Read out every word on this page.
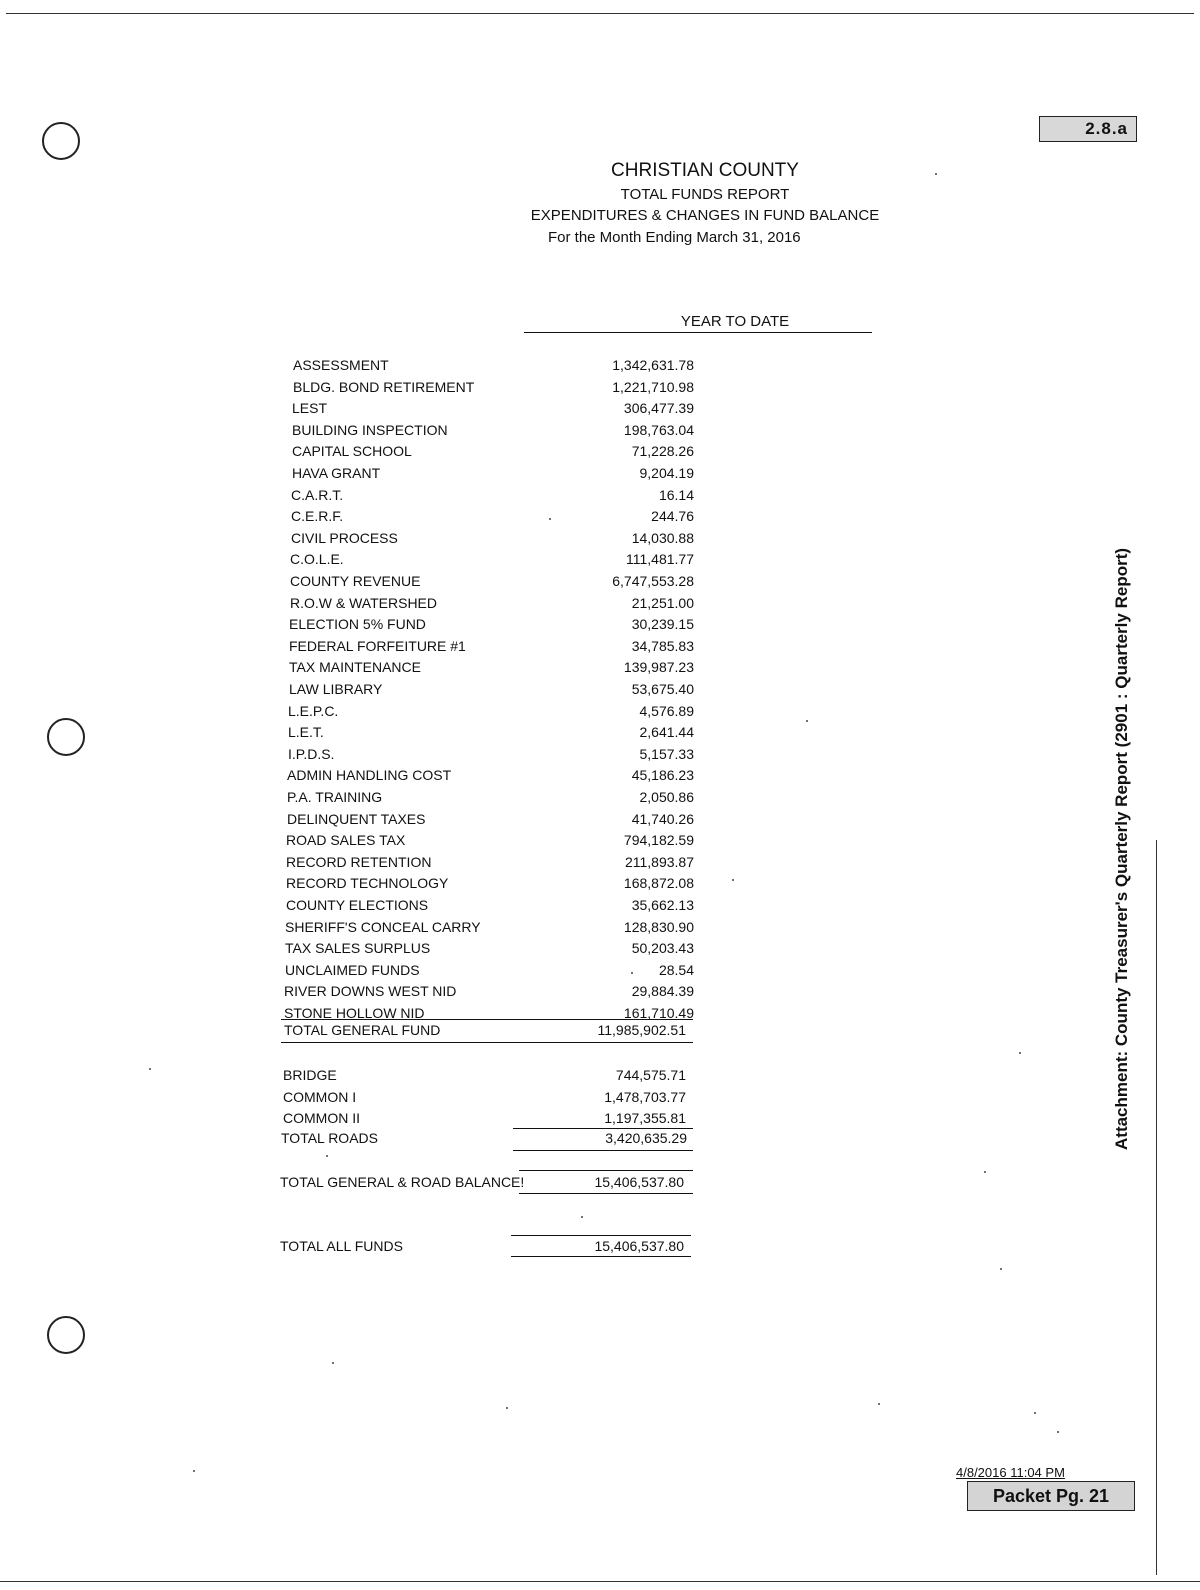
2.8.a
CHRISTIAN COUNTY
TOTAL FUNDS REPORT
EXPENDITURES & CHANGES IN FUND BALANCE
For the Month Ending March 31, 2016
YEAR TO DATE
ASSESSMENT	1,342,631.78
BLDG. BOND RETIREMENT	1,221,710.98
LEST	306,477.39
BUILDING INSPECTION	198,763.04
CAPITAL SCHOOL	71,228.26
HAVA GRANT	9,204.19
C.A.R.T.	16.14
C.E.R.F.	244.76
CIVIL PROCESS	14,030.88
C.O.L.E.	111,481.77
COUNTY REVENUE	6,747,553.28
R.O.W & WATERSHED	21,251.00
ELECTION 5% FUND	30,239.15
FEDERAL FORFEITURE #1	34,785.83
TAX MAINTENANCE	139,987.23
LAW LIBRARY	53,675.40
L.E.P.C.	4,576.89
L.E.T.	2,641.44
I.P.D.S.	5,157.33
ADMIN HANDLING COST	45,186.23
P.A. TRAINING	2,050.86
DELINQUENT TAXES	41,740.26
ROAD SALES TAX	794,182.59
RECORD RETENTION	211,893.87
RECORD TECHNOLOGY	168,872.08
COUNTY ELECTIONS	35,662.13
SHERIFF'S CONCEAL CARRY	128,830.90
TAX SALES SURPLUS	50,203.43
UNCLAIMED FUNDS	28.54
RIVER DOWNS WEST NID	29,884.39
STONE HOLLOW NID	161,710.49
TOTAL GENERAL FUND	11,985,902.51
BRIDGE	744,575.71
COMMON I	1,478,703.77
COMMON II	1,197,355.81
TOTAL ROADS	3,420,635.29
TOTAL GENERAL & ROAD BALANCE!	15,406,537.80
TOTAL ALL FUNDS	15,406,537.80
Attachment: County Treasurer's Quarterly Report (2901 : Quarterly Report)
4/8/2016 11:04 PM
Packet Pg. 21
